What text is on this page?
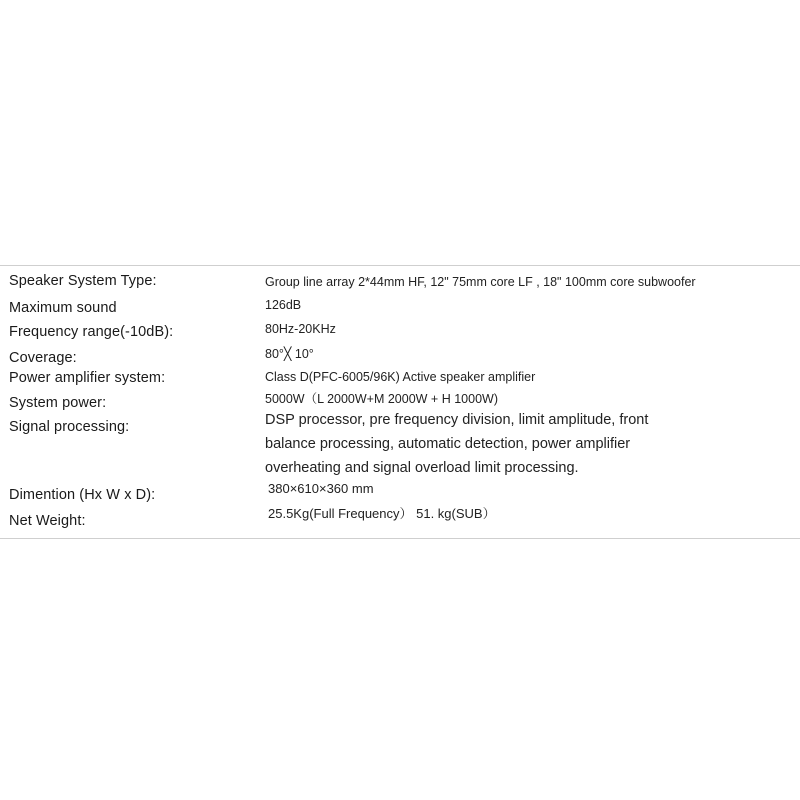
Speaker System Type:	Group line array 2*44mm HF, 12" 75mm core LF , 18" 100mm core subwoofer
Maximum sound	126dB
Frequency range(-10dB):	80Hz-20KHz
Coverage:	80°╳ 10°
Power amplifier system:	Class D(PFC-6005/96K) Active speaker amplifier
System power:	5000W（L 2000W+M 2000W + H 1000W)
Signal processing:	DSP processor, pre frequency division, limit amplitude, front
balance processing, automatic detection, power amplifier
overheating and signal overload limit processing.
Dimention (Hx W x D):	380×610×360 mm
Net Weight:	25.5Kg(Full Frequency） 51. kg(SUB）
